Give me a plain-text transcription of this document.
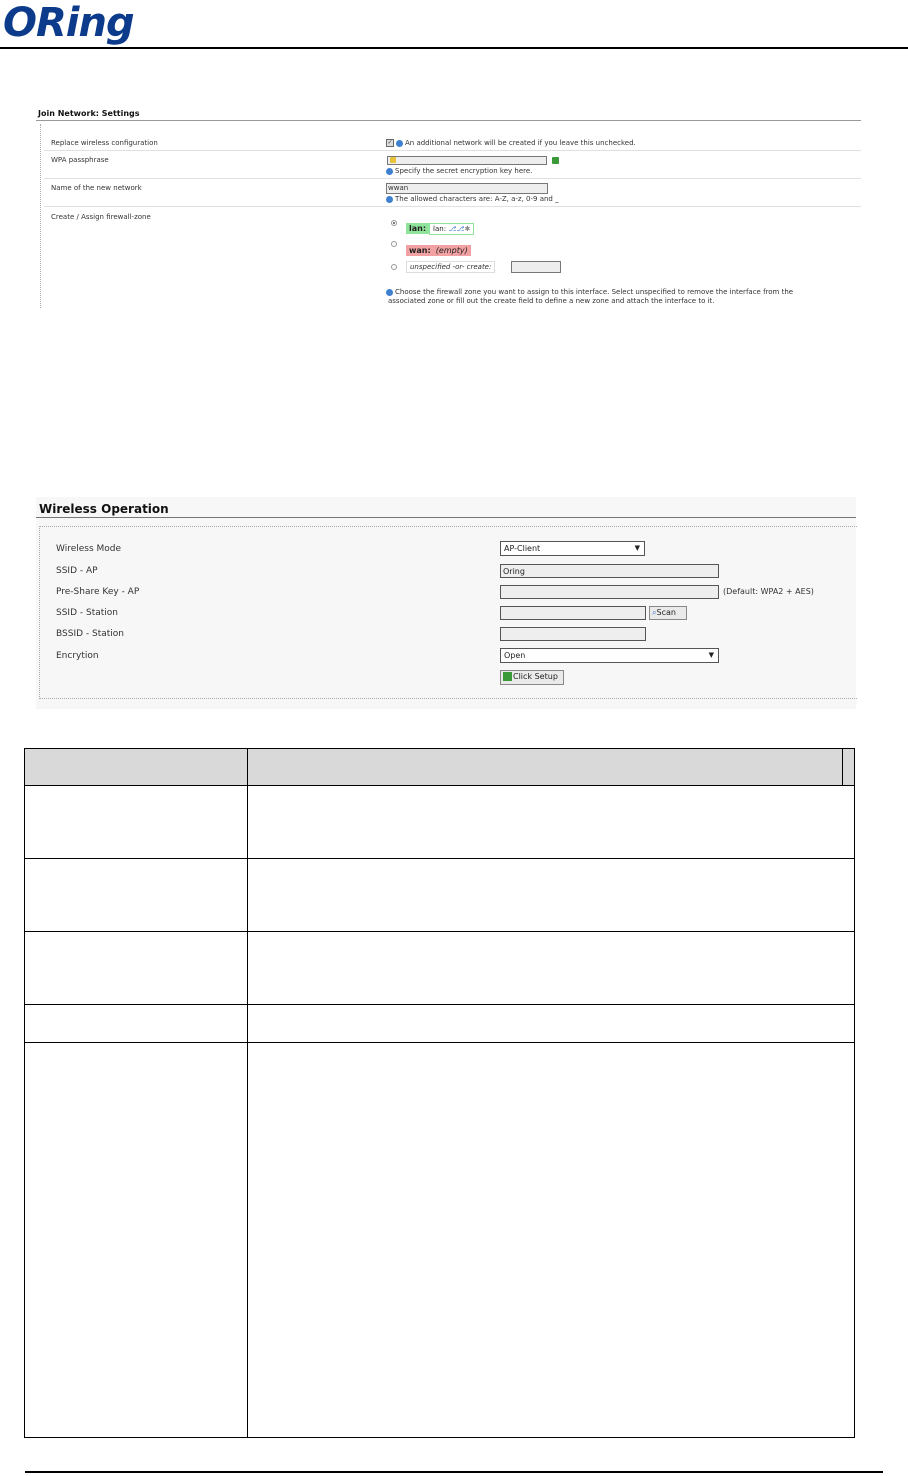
ORing
Join Network: Settings
Replace wireless configuration	✓ An additional network will be created if you leave this unchecked.
WPA passphrase
Specify the secret encryption key here.
Name of the new network	wwan
The allowed characters are: A-Z, a-z, 0-9 and _
Create / Assign firewall-zone
lan: lan: ⎇⎇✱
wan: (empty)
unspecified -or- create:
Choose the firewall zone you want to assign to this interface. Select unspecified to remove the interface from the
associated zone or fill out the create field to define a new zone and attach the interface to it.
Wireless Operation
Wireless Mode	AP-Client	▼
SSID - AP	Oring
Pre-Share Key - AP	(Default: WPA2 + AES)
SSID - Station	⌕Scan
BSSID - Station
Encrytion	Open	▼
Click Setup
